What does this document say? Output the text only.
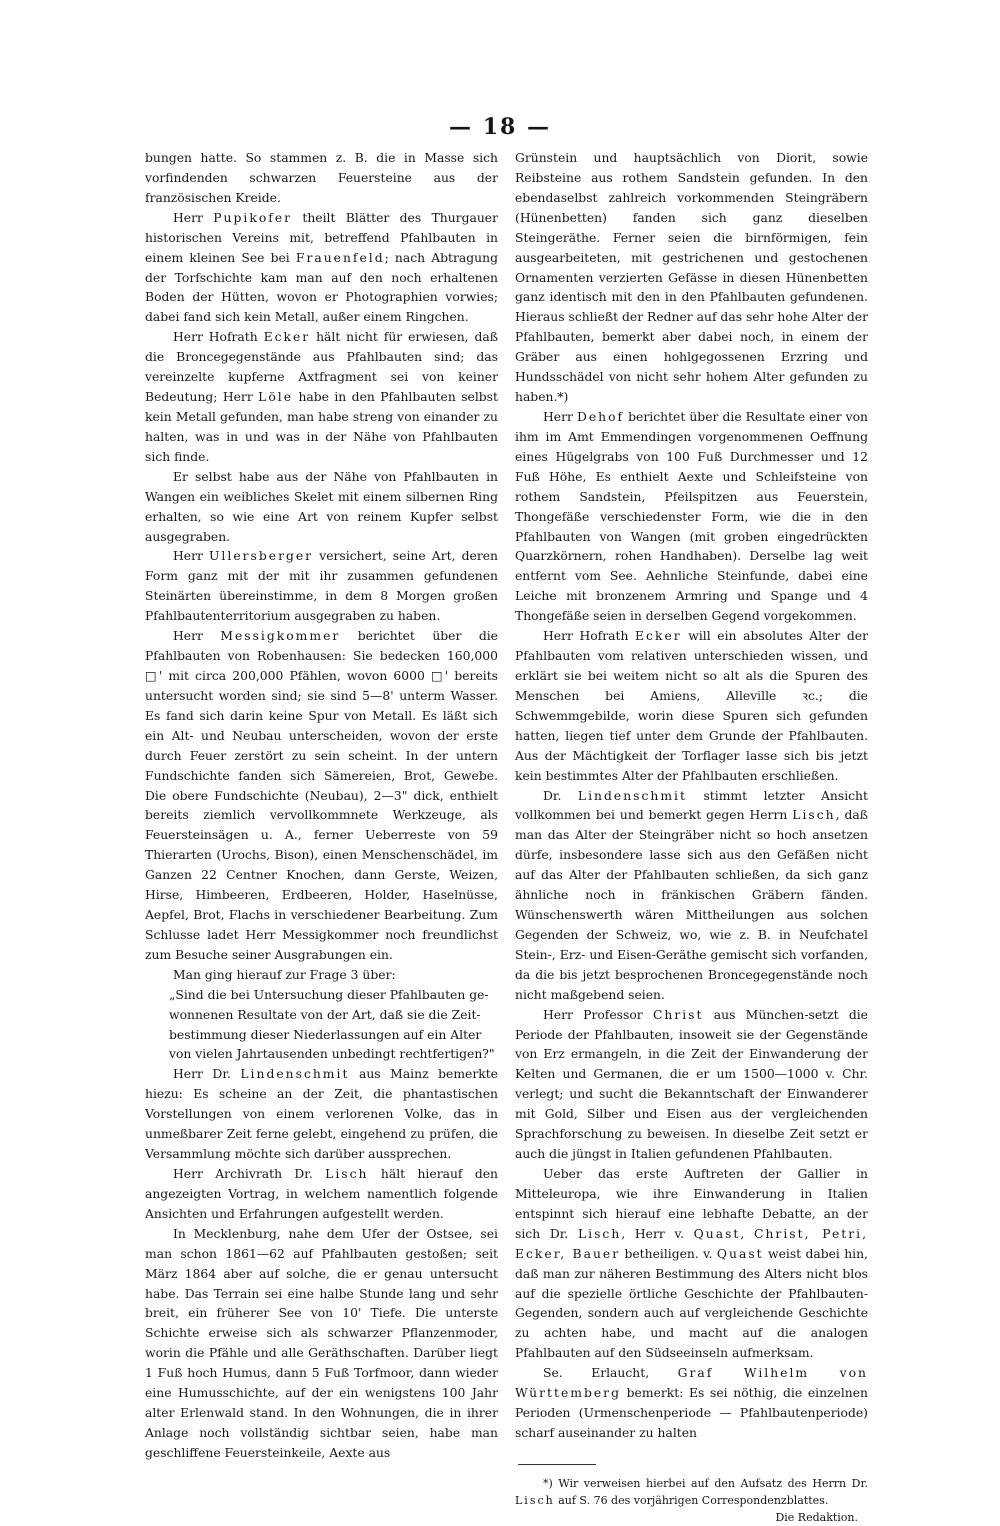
— 18 —

bungen hatte. So stammen z. B. die in Masse sich vorfindenden schwarzen Feuersteine aus der französischen Kreide.

Herr Pupikofer theilt Blätter des Thurgauer historischen Vereins mit, betreffend Pfahlbauten in einem kleinen See bei Frauenfeld; nach Abtragung der Torfschichte kam man auf den noch erhaltenen Boden der Hütten, wovon er Photographien vorwies; dabei fand sich kein Metall, außer einem Ringchen.

Herr Hofrath Ecker hält nicht für erwiesen, daß die Broncegegenstände aus Pfahlbauten sind; das vereinzelte kupferne Axtfragment sei von keiner Bedeutung; Herr Löle habe in den Pfahlbauten selbst kein Metall gefunden, man habe streng von einander zu halten, was in und was in der Nähe von Pfahlbauten sich finde.

Er selbst habe aus der Nähe von Pfahlbauten in Wangen ein weibliches Skelet mit einem silbernen Ring erhalten, so wie eine Art von reinem Kupfer selbst ausgegraben.

Herr Ullersberger versichert, seine Art, deren Form ganz mit der mit ihr zusammen gefundenen Steinärten übereinstimme, in dem 8 Morgen großen Pfahlbautenterritorium ausgegraben zu haben.

Herr Messigkommer berichtet über die Pfahlbauten von Robenhausen: Sie bedecken 160,000 □' mit circa 200,000 Pfählen, wovon 6000 □' bereits untersucht worden sind; sie sind 5—8' unterm Wasser. Es fand sich darin keine Spur von Metall. Es läßt sich ein Alt- und Neubau unterscheiden, wovon der erste durch Feuer zerstört zu sein scheint. In der untern Fundschichte fanden sich Sämereien, Brot, Gewebe. Die obere Fundschichte (Neubau), 2—3" dick, enthielt bereits ziemlich vervollkommnete Werkzeuge, als Feuersteinsägen u. A., ferner Ueberreste von 59 Thierarten (Urochs, Bison), einen Menschenschädel, im Ganzen 22 Centner Knochen, dann Gerste, Weizen, Hirse, Himbeeren, Erdbeeren, Holder, Haselnüsse, Aepfel, Brot, Flachs in verschiedener Bearbeitung. Zum Schlusse ladet Herr Messigkommer noch freundlichst zum Besuche seiner Ausgrabungen ein.

Man ging hierauf zur Frage 3 über:

„Sind die bei Untersuchung dieser Pfahlbauten ge-
wonnenen Resultate von der Art, daß sie die Zeit-
bestimmung dieser Niederlassungen auf ein Alter
von vielen Jahrtausenden unbedingt rechtfertigen?"

Herr Dr. Lindenschmit aus Mainz bemerkte hiezu: Es scheine an der Zeit, die phantastischen Vorstellungen von einem verlorenen Volke, das in unmeßbarer Zeit ferne gelebt, eingehend zu prüfen, die Versammlung möchte sich darüber aussprechen.

Herr Archivrath Dr. Lisch hält hierauf den angezeigten Vortrag, in welchem namentlich folgende Ansichten und Erfahrungen aufgestellt werden.

In Mecklenburg, nahe dem Ufer der Ostsee, sei man schon 1861—62 auf Pfahlbauten gestoßen; seit März 1864 aber auf solche, die er genau untersucht habe. Das Terrain sei eine halbe Stunde lang und sehr breit, ein früherer See von 10' Tiefe. Die unterste Schichte erweise sich als schwarzer Pflanzenmoder, worin die Pfähle und alle Geräthschaften. Darüber liegt 1 Fuß hoch Humus, dann 5 Fuß Torfmoor, dann wieder eine Humusschichte, auf der ein wenigstens 100 Jahr alter Erlenwald stand. In den Wohnungen, die in ihrer Anlage noch vollständig sichtbar seien, habe man geschliffene Feuersteinkeile, Aexte aus

Grünstein und hauptsächlich von Diorit, sowie Reibsteine aus rothem Sandstein gefunden. In den ebendaselbst zahlreich vorkommenden Steingräbern (Hünenbetten) fanden sich ganz dieselben Steingeräthe. Ferner seien die birnförmigen, fein ausgearbeiteten, mit gestrichenen und gestochenen Ornamenten verzierten Gefässe in diesen Hünenbetten ganz identisch mit den in den Pfahlbauten gefundenen. Hieraus schließt der Redner auf das sehr hohe Alter der Pfahlbauten, bemerkt aber dabei noch, in einem der Gräber aus einen hohlgegossenen Erzring und Hundsschädel von nicht sehr hohem Alter gefunden zu haben.*)

Herr Dehof berichtet über die Resultate einer von ihm im Amt Emmendingen vorgenommenen Oeffnung eines Hügelgrabs von 100 Fuß Durchmesser und 12 Fuß Höhe, Es enthielt Aexte und Schleifsteine von rothem Sandstein, Pfeilspitzen aus Feuerstein, Thongefäße verschiedenster Form, wie die in den Pfahlbauten von Wangen (mit groben eingedrückten Quarzkörnern, rohen Handhaben). Derselbe lag weit entfernt vom See. Aehnliche Steinfunde, dabei eine Leiche mit bronzenem Armring und Spange und 4 Thongefäße seien in derselben Gegend vorgekommen.

Herr Hofrath Ecker will ein absolutes Alter der Pfahlbauten vom relativen unterschieden wissen, und erklärt sie bei weitem nicht so alt als die Spuren des Menschen bei Amiens, Alleville ꝛc.; die Schwemmgebilde, worin diese Spuren sich gefunden hatten, liegen tief unter dem Grunde der Pfahlbauten. Aus der Mächtigkeit der Torflager lasse sich bis jetzt kein bestimmtes Alter der Pfahlbauten erschließen.

Dr. Lindenschmit stimmt letzter Ansicht vollkommen bei und bemerkt gegen Herrn Lisch, daß man das Alter der Steingräber nicht so hoch ansetzen dürfe, insbesondere lasse sich aus den Gefäßen nicht auf das Alter der Pfahlbauten schließen, da sich ganz ähnliche noch in fränkischen Gräbern fänden. Wünschenswerth wären Mittheilungen aus solchen Gegenden der Schweiz, wo, wie z. B. in Neufchatel Stein-, Erz- und Eisen-Geräthe gemischt sich vorfanden, da die bis jetzt besprochenen Broncegegenstände noch nicht maßgebend seien.

Herr Professor Christ aus München-setzt die Periode der Pfahlbauten, insoweit sie der Gegenstände von Erz ermangeln, in die Zeit der Einwanderung der Kelten und Germanen, die er um 1500—1000 v. Chr. verlegt; und sucht die Bekanntschaft der Einwanderer mit Gold, Silber und Eisen aus der vergleichenden Sprachforschung zu beweisen. In dieselbe Zeit setzt er auch die jüngst in Italien gefundenen Pfahlbauten.

Ueber das erste Auftreten der Gallier in Mitteleuropa, wie ihre Einwanderung in Italien entspinnt sich hierauf eine lebhafte Debatte, an der sich Dr. Lisch, Herr v. Quast, Christ, Petri, Ecker, Bauer betheiligen. v. Quast weist dabei hin, daß man zur näheren Bestimmung des Alters nicht blos auf die spezielle örtliche Geschichte der Pfahlbauten-Gegenden, sondern auch auf vergleichende Geschichte zu achten habe, und macht auf die analogen Pfahlbauten auf den Südseeinseln aufmerksam.

Se. Erlaucht, Graf Wilhelm von Württemberg bemerkt: Es sei nöthig, die einzelnen Perioden (Urmenschenperiode — Pfahlbautenperiode) scharf auseinander zu halten

*) Wir verweisen hierbei auf den Aufsatz des Herrn Dr. Lisch auf S. 76 des vorjährigen Correspondenzblattes.

Die Redaktion.
